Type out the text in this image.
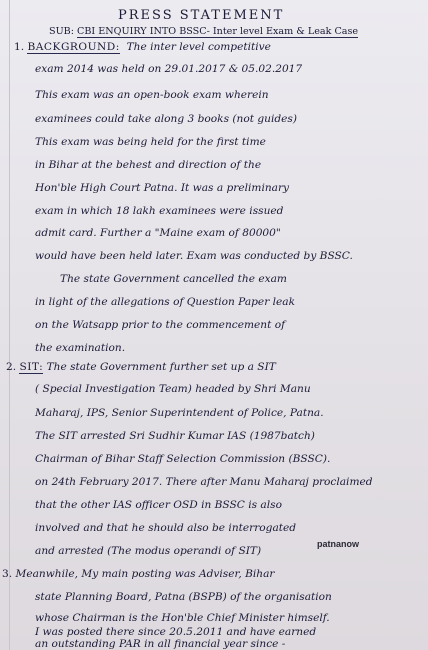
PRESS STATEMENT
SUB: CBI ENQUIRY INTO BSSC- Inter level Exam & Leak Case
1. BACKGROUND: The inter level competitive
exam 2014 was held on 29.01.2017 & 05.02.2017
This exam was an open-book exam wherein
examinees could take along 3 books (not guides)
This exam was being held for the first time
in Bihar at the behest and direction of the
Hon'ble High Court Patna. It was a preliminary
exam in which 18 lakh examinees were issued
admit card. Further a "Maine exam of 80000"
would have been held later. Exam was conducted by BSSC.
The state Government cancelled the exam
in light of the allegations of Question Paper leak
on the Watsapp prior to the commencement of
the examination.
2. SIT: The state Government further set up a SIT
( Special Investigation Team) headed by Shri Manu
Maharaj, IPS, Senior Superintendent of Police, Patna.
The SIT arrested Sri Sudhir Kumar IAS (1987batch)
Chairman of Bihar Staff Selection Commission (BSSC).
on 24th February 2017. There after Manu Maharaj proclaimed
that the other IAS officer OSD in BSSC is also
involved and that he should also be interrogated
and arrested (The modus operandi of SIT)
patnanow
3. Meanwhile, My main posting was Adviser, Bihar
state Planning Board, Patna (BSPB) of the organisation
whose Chairman is the Hon'ble Chief Minister himself.
I was posted there since 20.5.2011 and have earned
an outstanding PAR in all financial year since -
